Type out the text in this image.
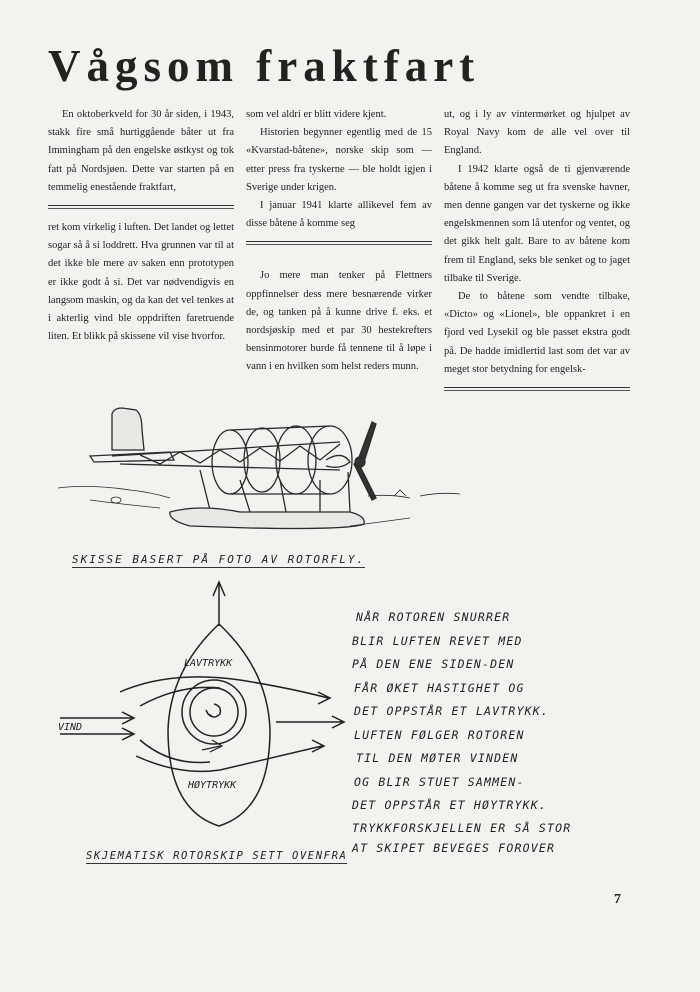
Vågsom fraktfart

En oktoberkveld for 30 år siden, i 1943, stakk fire små hurtiggående båter ut fra Immingham på den engelske østkyst og tok fatt på Nordsjøen. Dette var starten på en temmelig enestående fraktfart,

ret kom virkelig i luften. Det landet og lettet sogar så å si loddrett. Hva grunnen var til at det ikke ble mere av saken enn prototypen er ikke godt å si. Det var nødvendigvis en langsom maskin, og da kan det vel tenkes at i akterlig vind ble oppdriften faretruende liten. Et blikk på skissene vil vise hvorfor.

som vel aldri er blitt videre kjent.

Historien begynner egentlig med de 15 «Kvarstad-båtene», norske skip som — etter press fra tyskerne — ble holdt igjen i Sverige under krigen.

I januar 1941 klarte allikevel fem av disse båtene å komme seg

Jo mere man tenker på Flettners oppfinnelser dess mere besnærende virker de, og tanken på å kunne drive f. eks. et nordsjøskip med et par 30 hestekrefters bensinmotorer burde få tennene til å løpe i vann i en hvilken som helst reders munn.

ut, og i ly av vintermørket og hjulpet av Royal Navy kom de alle vel over til England.

I 1942 klarte også de ti gjenværende båtene å komme seg ut fra svenske havner, men denne gangen var det tyskerne og ikke engelskmennen som lå utenfor og ventet, og det gikk helt galt. Bare to av båtene kom frem til England, seks ble senket og to jaget tilbake til Sverige.

De to båtene som vendte tilbake, «Dicto» og «Lionel», ble oppankret i en fjord ved Lysekil og ble passet ekstra godt på. De hadde imidlertid last som det var av meget stor betydning for engelsk-

SKISSE BASERT PÅ FOTO AV ROTORFLY.
LAVTRYKK
HØYTRYKK
VIND
NÅR ROTOREN SNURRER
BLIR LUFTEN REVET MED
PÅ DEN ENE SIDEN-DEN
FÅR ØKET HASTIGHET OG
DET OPPSTÅR ET LAVTRYKK.
LUFTEN FØLGER ROTOREN
TIL DEN MØTER VINDEN
OG BLIR STUET SAMMEN-
DET OPPSTÅR ET HØYTRYKK.
TRYKKFORSKJELLEN ER SÅ STOR
AT SKIPET BEVEGES FOROVER
SKJEMATISK ROTORSKIP SETT OVENFRA
7
